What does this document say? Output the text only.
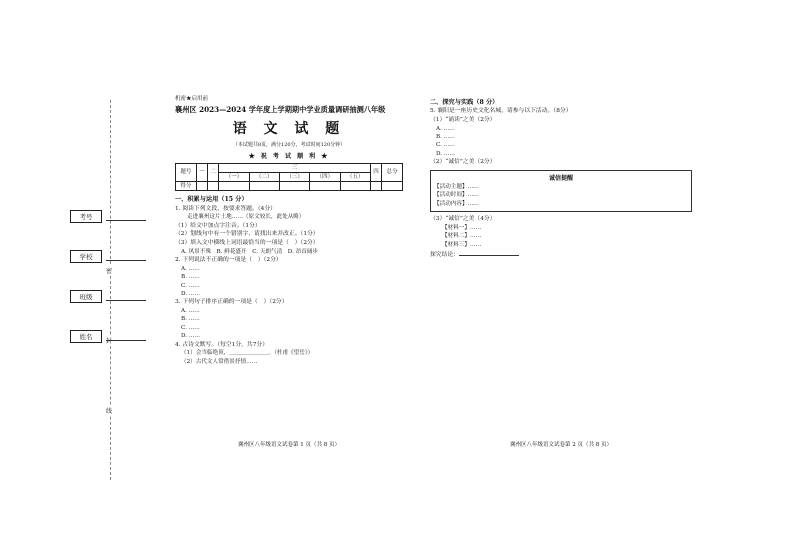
密
封
线
考号
学校
班级
姓名
机密★启用前
襄州区 2023—2024 学年度上学期期中学业质量调研抽测八年级
语 文 试 题
（本试题共8页，满分120分，考试时间120分钟）
★ 祝 考 试 顺 利 ★
题号	一	二	三					四	总分
			（一）	（二）	（三）	（四）	（五）		
得分									
一、积累与运用（15 分）
1. 阅读下列文段，按要求答题。（4分）
走进襄州这片土地……（原文较长，此处从略）
（1）给文中加点字注音。（1分）
（2）划线句中有一个错别字，请找出来并改正。（1分）
（3）填入文中横线上词语最恰当的一项是（　）（2分）
A. 风景不殊　B. 鲜花盛开　C. 天朗气清　D. 昂首阔步
2. 下列说法不正确的一项是（　）（2分）
A. ……
B. ……
C. ……
D. ……
3. 下列句子排序正确的一项是（　）（2分）
A. ……
B. ……
C. ……
D. ……
4. 古诗文默写。（每空1分，共7分）
（1）会当临绝顶，＿＿＿＿＿＿＿。（杜甫《望岳》）
（2）古代文人常借景抒情……
襄州区八年级语文试卷第 1 页（共 8 页）
二、探究与实践（8 分）
5. 襄阳是一座历史文化名城，请参与以下活动。（8分）
（1）“诵读”之美（2分）
A. ……
B. ……
C. ……
D. ……
（2）“诚信”之美（2分）
诚信提醒
【活动主题】……
【活动时间】……
【活动内容】……
（3）“诚信”之美（4分）
【材料一】……
【材料二】……
【材料三】……
探究结论：
襄州区八年级语文试卷第 2 页（共 8 页）
